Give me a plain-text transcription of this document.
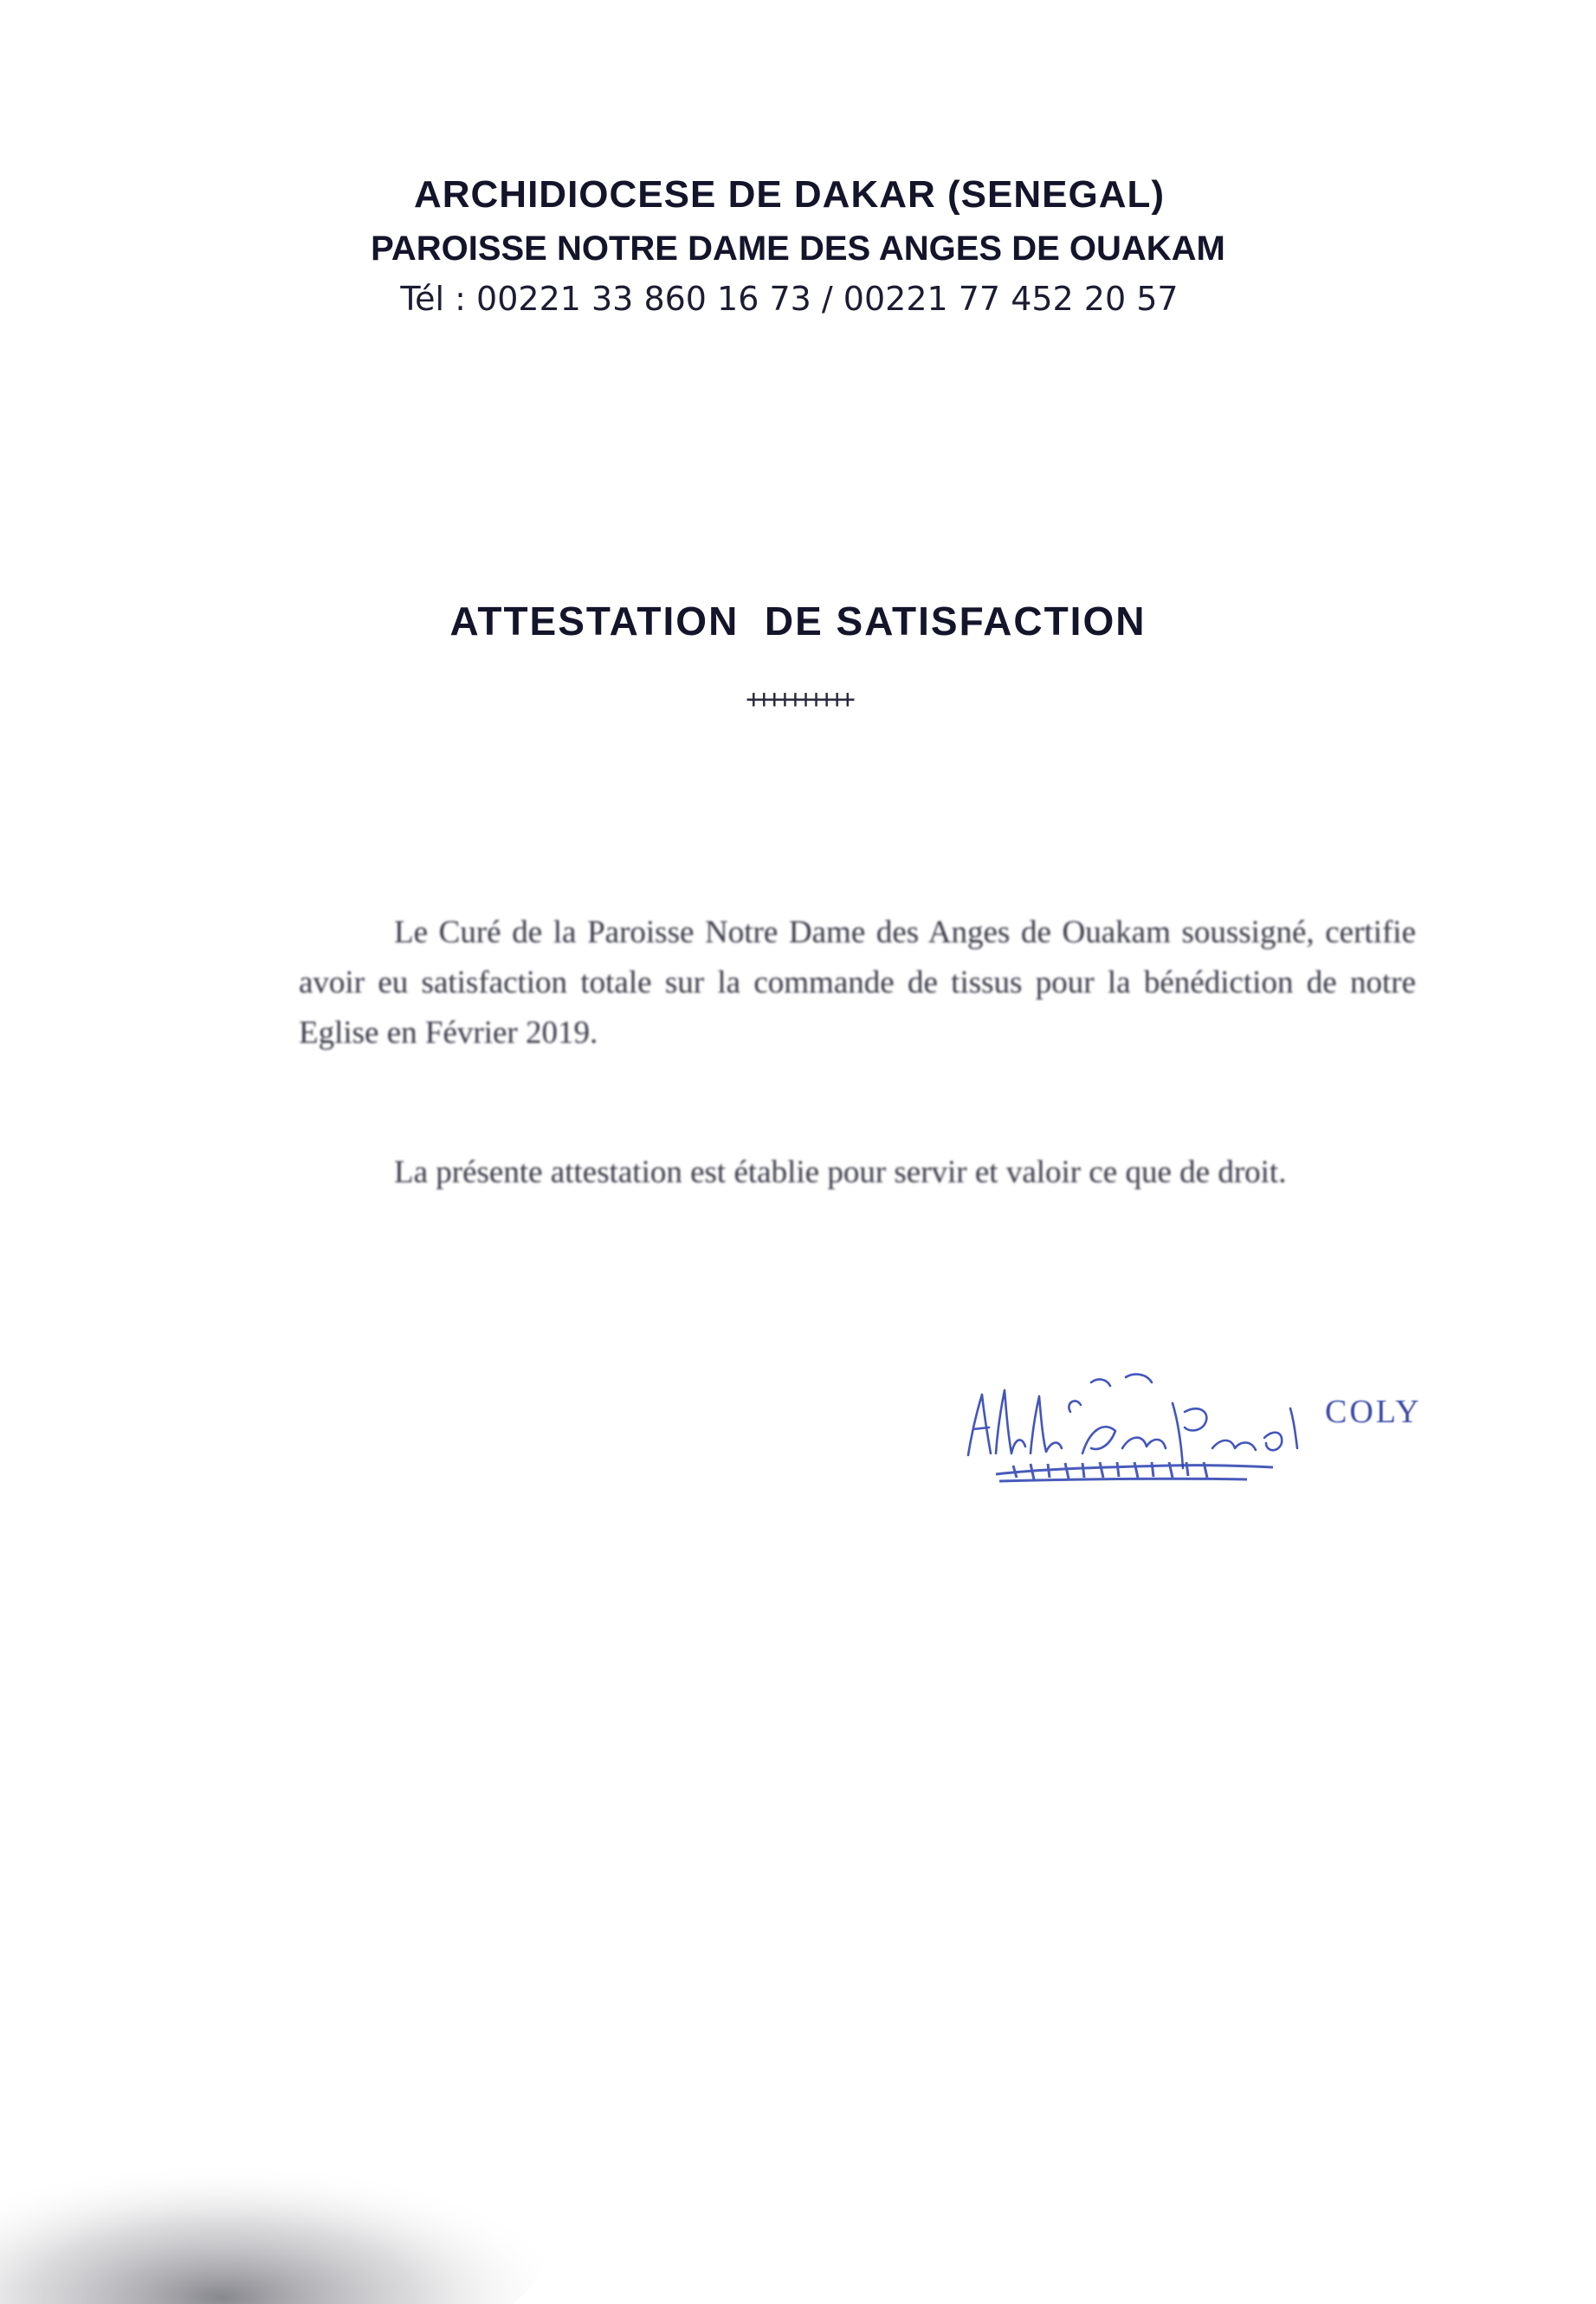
ARCHIDIOCESE DE DAKAR (SENEGAL)
PAROISSE NOTRE DAME DES ANGES DE OUAKAM
Tél : 00221 33 860 16 73 / 00221 77 452 20 57
ATTESTATION  DE SATISFACTION
++++++++++
Le Curé de la Paroisse Notre Dame des Anges de Ouakam soussigné, certifie avoir eu satisfaction totale sur la commande de tissus pour la bénédiction de notre Eglise en Février 2019.
La présente attestation est établie pour servir et valoir ce que de droit.
COLY
